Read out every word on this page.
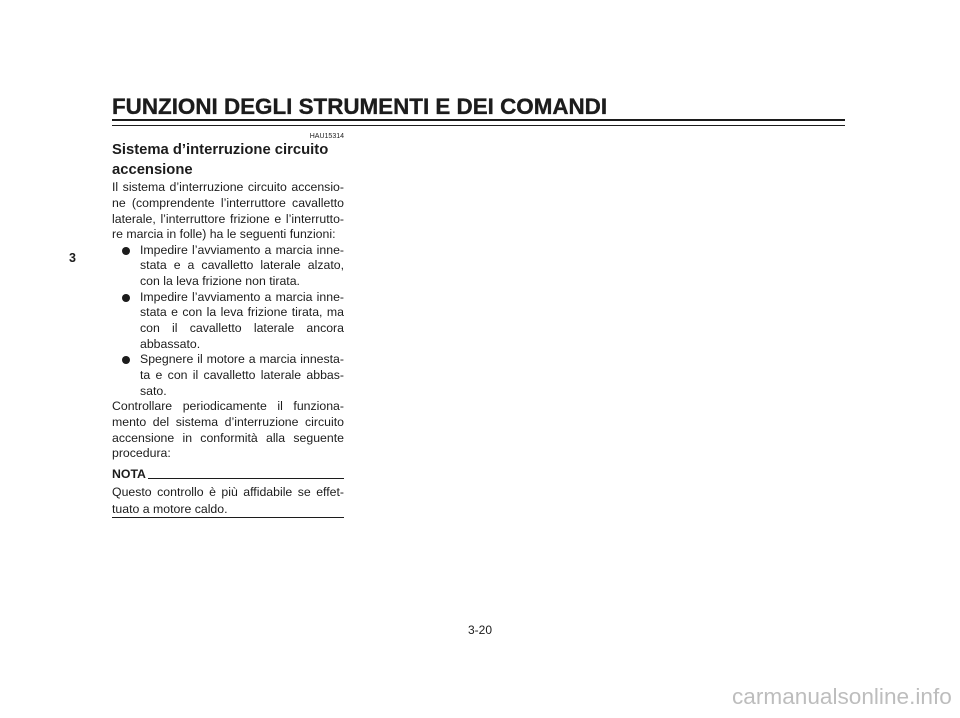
FUNZIONI DEGLI STRUMENTI E DEI COMANDI
3
HAU15314
Sistema d’interruzione circuito
accensione
Il sistema d’interruzione circuito accensio-
ne (comprendente l’interruttore cavalletto
laterale, l’interruttore frizione e l’interrutto-
re marcia in folle) ha le seguenti funzioni:
Impedire l’avviamento a marcia inne-
stata e a cavalletto laterale alzato,
con la leva frizione non tirata.
Impedire l’avviamento a marcia inne-
stata e con la leva frizione tirata, ma
con il cavalletto laterale ancora
abbassato.
Spegnere il motore a marcia innesta-
ta e con il cavalletto laterale abbas-
sato.
Controllare periodicamente il funziona-
mento del sistema d’interruzione circuito
accensione in conformità alla seguente
procedura:
NOTA
Questo controllo è più affidabile se effet-
tuato a motore caldo.
3-20
carmanualsonline.info
